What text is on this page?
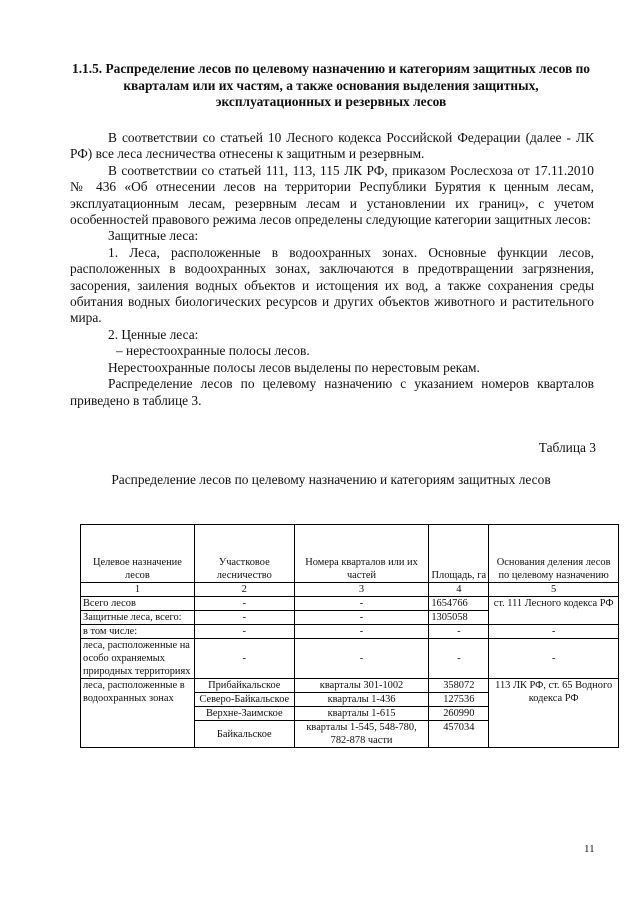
1.1.5. Распределение лесов по целевому назначению и категориям защитных лесов по кварталам или их частям, а также основания выделения защитных, эксплуатационных и резервных лесов

В соответствии со статьей 10 Лесного кодекса Российской Федерации (далее - ЛК РФ) все леса лесничества отнесены к защитным и резервным.

В соответствии со статьей 111, 113, 115 ЛК РФ, приказом Рослесхоза от 17.11.2010 № 436 «Об отнесении лесов на территории Республики Бурятия к ценным лесам, эксплуатационным лесам, резервным лесам и установлении их границ», с учетом особенностей правового режима лесов определены следующие категории защитных лесов:

Защитные леса:

1. Леса, расположенные в водоохранных зонах. Основные функции лесов, расположенных в водоохранных зонах, заключаются в предотвращении загрязнения, засорения, заиления водных объектов и истощения их вод, а также сохранения среды обитания водных биологических ресурсов и других объектов животного и растительного мира.

2. Ценные леса:

– нерестоохранные полосы лесов.

Нерестоохранные полосы лесов выделены по нерестовым рекам.

Распределение лесов по целевому назначению с указанием номеров кварталов приведено в таблице 3.

Таблица 3
Распределение лесов по целевому назначению и категориям защитных лесов
Целевое назначение лесов	Участковое лесничество	Номера кварталов или их частей	Площадь, га	Основания деления лесов по целевому назначению
1	2	3	4	5
Всего лесов	-	-	1654766	ст. 111 Лесного кодекса РФ
Защитные леса, всего:	-	-	1305058	
в том числе:	-	-	-	-
леса, расположенные на особо охраняемых природных территориях	-	-	-	-
леса, расположенные в водоохранных зонах	Прибайкальское	кварталы 301-1002	358072	113 ЛК РФ, ст. 65 Водного кодекса РФ
	Северо-Байкальское	кварталы 1-436	127536	
	Верхне-Заимское	кварталы 1-615	260990	
	Байкальское	кварталы 1-545, 548-780, 782-878 части	457034	
11
